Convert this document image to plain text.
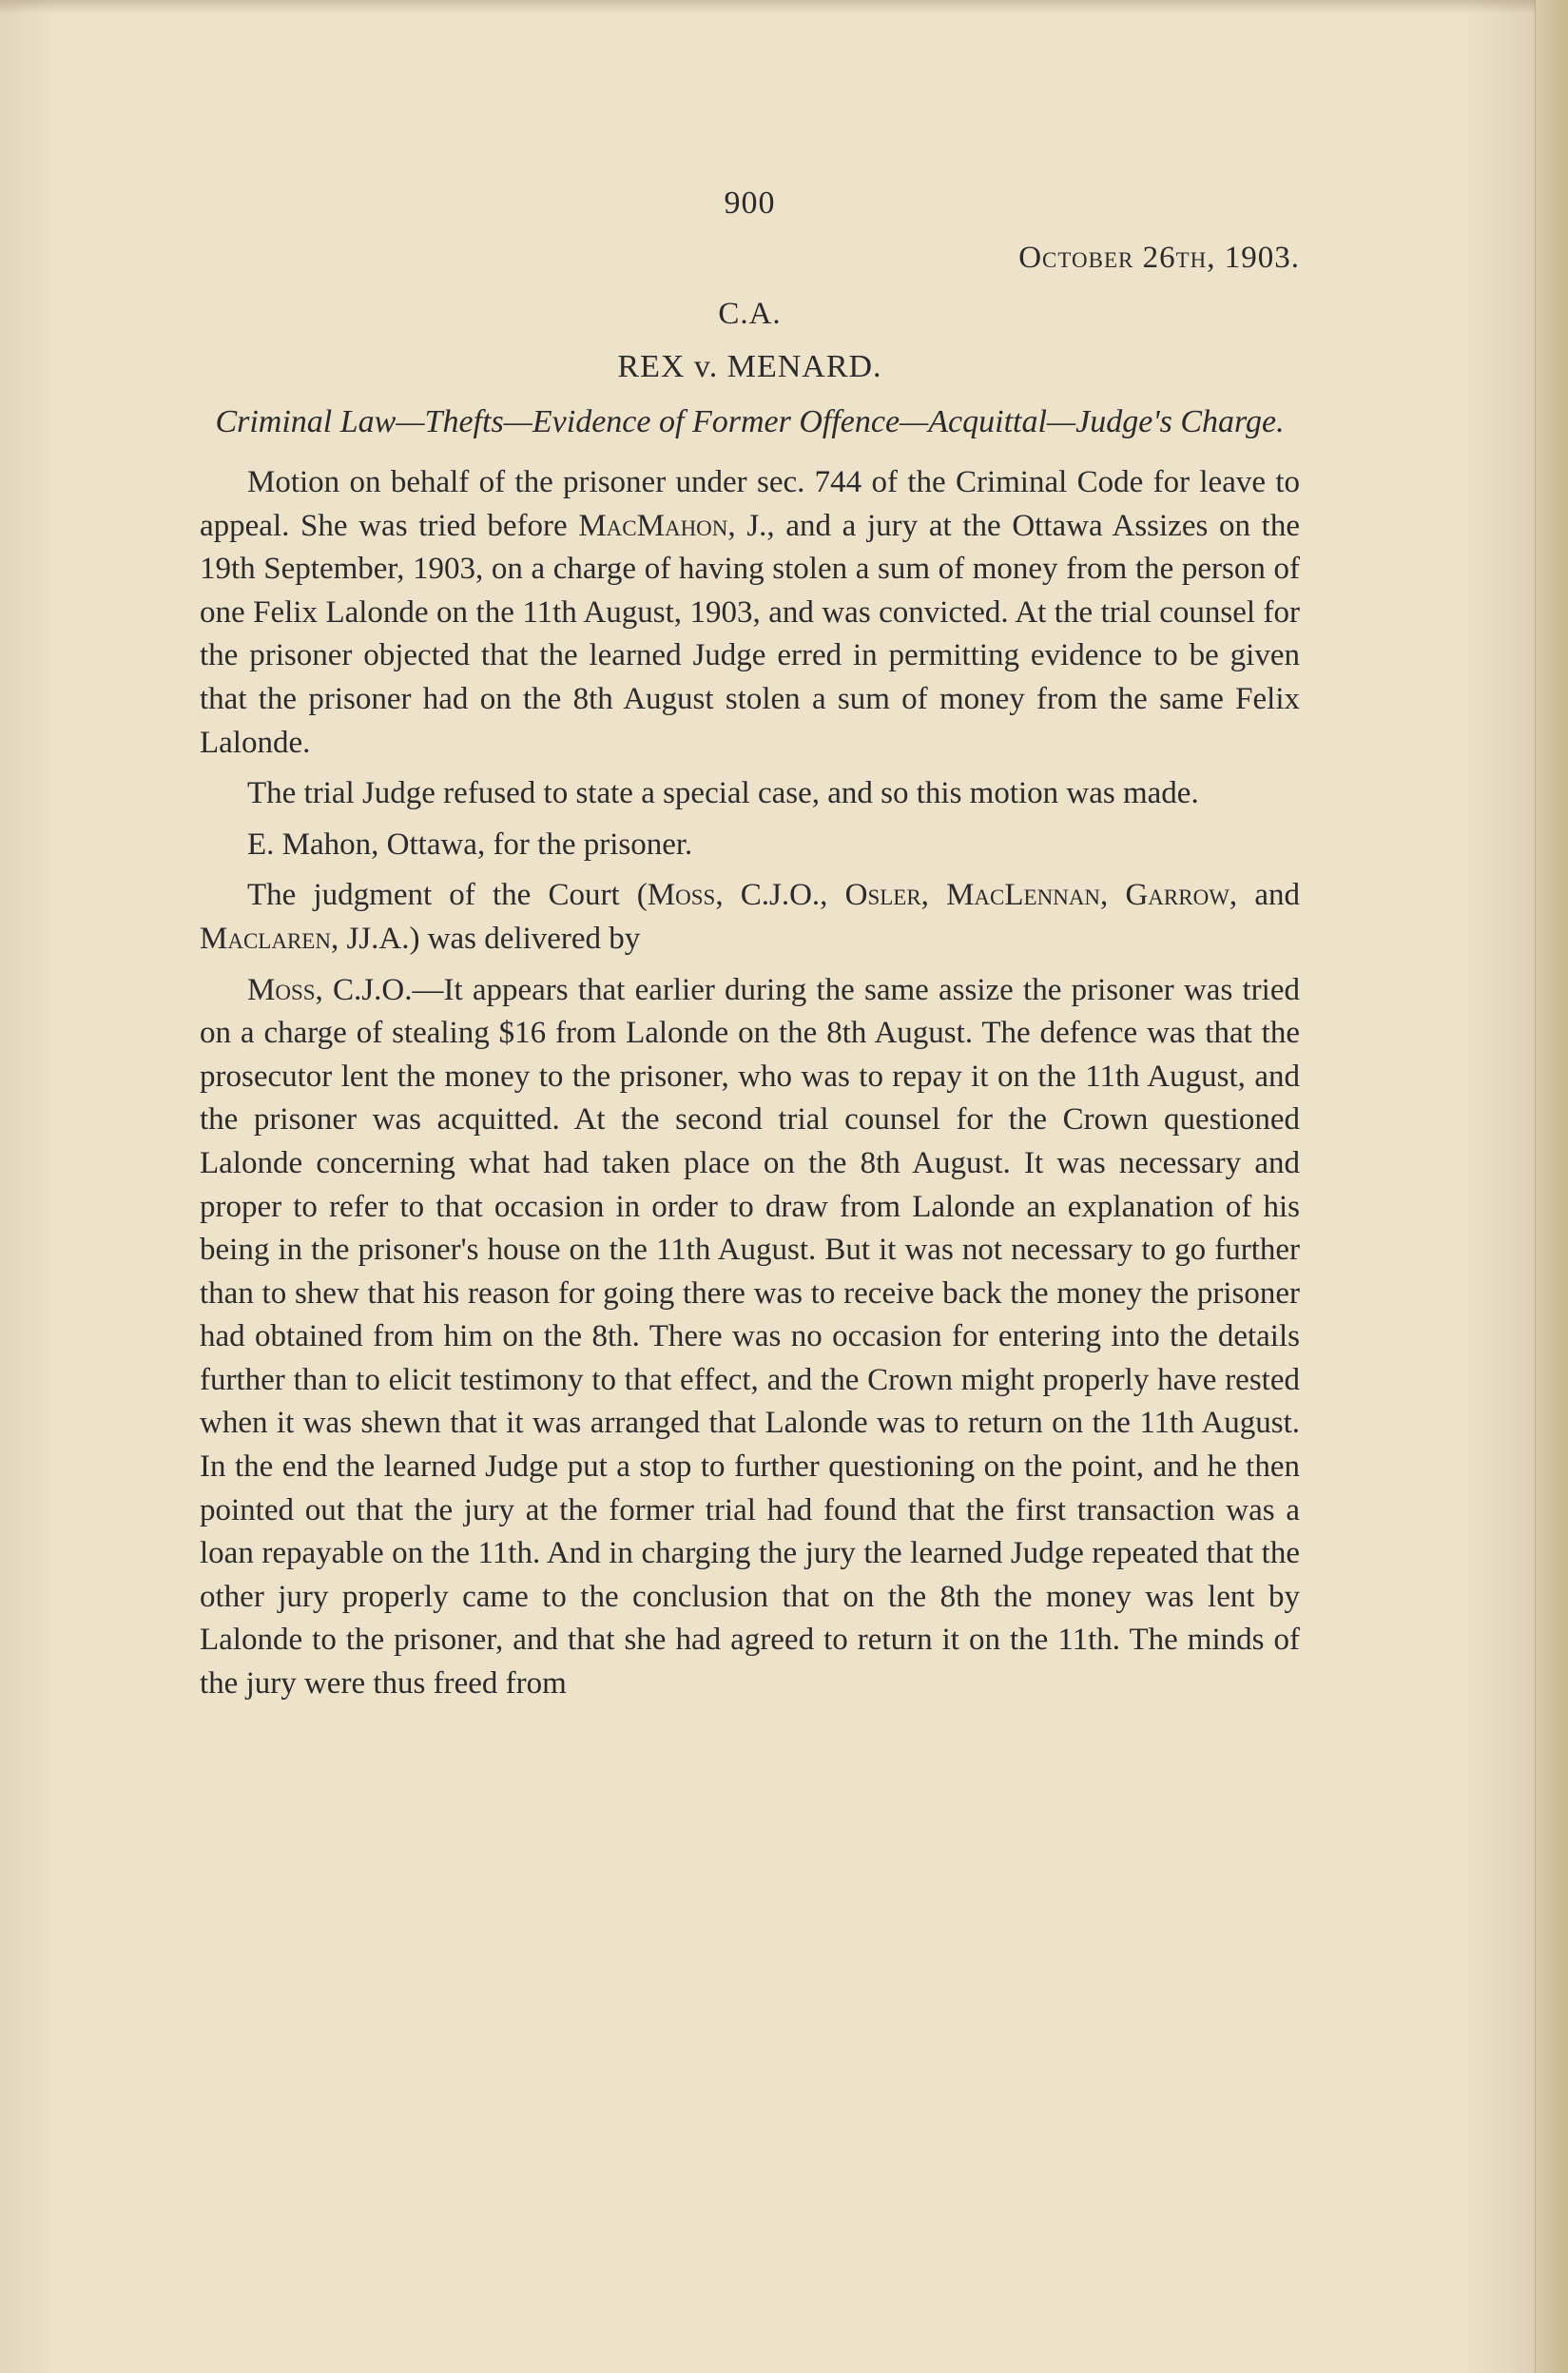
900
October 26th, 1903.
C.A.
REX v. MENARD.
Criminal Law—Thefts—Evidence of Former Offence—Acquittal—Judge's Charge.

Motion on behalf of the prisoner under sec. 744 of the Criminal Code for leave to appeal. She was tried before MacMahon, J., and a jury at the Ottawa Assizes on the 19th September, 1903, on a charge of having stolen a sum of money from the person of one Felix Lalonde on the 11th August, 1903, and was convicted. At the trial counsel for the prisoner objected that the learned Judge erred in permitting evidence to be given that the prisoner had on the 8th August stolen a sum of money from the same Felix Lalonde.

The trial Judge refused to state a special case, and so this motion was made.

E. Mahon, Ottawa, for the prisoner.

The judgment of the Court (Moss, C.J.O., Osler, MacLennan, Garrow, and Maclaren, JJ.A.) was delivered by

Moss, C.J.O.—It appears that earlier during the same assize the prisoner was tried on a charge of stealing $16 from Lalonde on the 8th August. The defence was that the prosecutor lent the money to the prisoner, who was to repay it on the 11th August, and the prisoner was acquitted. At the second trial counsel for the Crown questioned Lalonde concerning what had taken place on the 8th August. It was necessary and proper to refer to that occasion in order to draw from Lalonde an explanation of his being in the prisoner's house on the 11th August. But it was not necessary to go further than to shew that his reason for going there was to receive back the money the prisoner had obtained from him on the 8th. There was no occasion for entering into the details further than to elicit testimony to that effect, and the Crown might properly have rested when it was shewn that it was arranged that Lalonde was to return on the 11th August. In the end the learned Judge put a stop to further questioning on the point, and he then pointed out that the jury at the former trial had found that the first transaction was a loan repayable on the 11th. And in charging the jury the learned Judge repeated that the other jury properly came to the conclusion that on the 8th the money was lent by Lalonde to the prisoner, and that she had agreed to return it on the 11th. The minds of the jury were thus freed from
